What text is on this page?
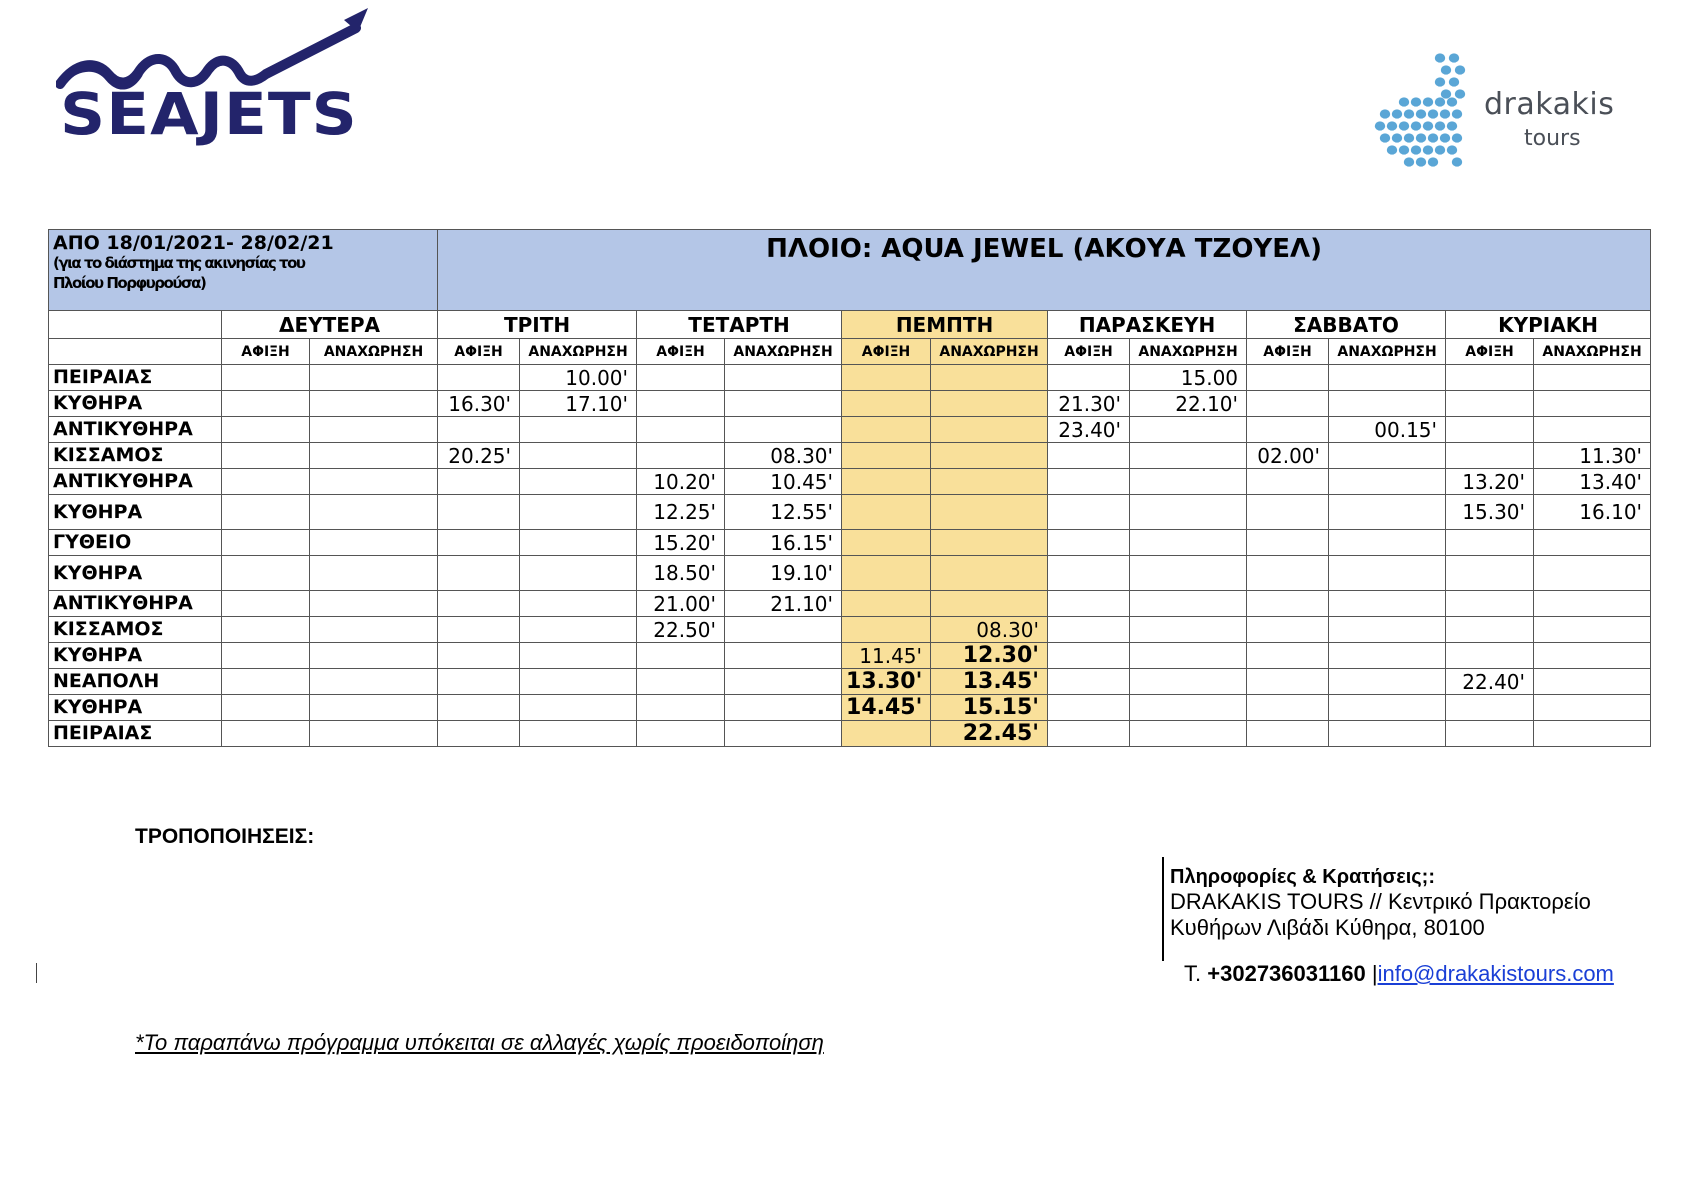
SEAJETS	drakakis
tours
ΑΠΟ 18/01/2021- 28/02/21
(για το διάστημα της ακινησίας του
Πλοίου Πορφυρούσα)			ΠΛΟΙΟ: AQUA JEWEL (ΑΚΟΥΑ ΤΖΟΥΕΛ)											
	ΔΕΥΤΕΡΑ		ΤΡΙΤΗ		ΤΕΤΑΡΤΗ		ΠΕΜΠΤΗ		ΠΑΡΑΣΚΕΥΗ		ΣΑΒΒΑΤΟ		ΚΥΡΙΑΚΗ	
	ΑΦΙΞΗ	ΑΝΑΧΩΡΗΣΗ	ΑΦΙΞΗ	ΑΝΑΧΩΡΗΣΗ	ΑΦΙΞΗ	ΑΝΑΧΩΡΗΣΗ	ΑΦΙΞΗ	ΑΝΑΧΩΡΗΣΗ	ΑΦΙΞΗ	ΑΝΑΧΩΡΗΣΗ	ΑΦΙΞΗ	ΑΝΑΧΩΡΗΣΗ	ΑΦΙΞΗ	ΑΝΑΧΩΡΗΣΗ
ΠΕΙΡΑΙΑΣ				10.00'						15.00				
ΚΥΘΗΡΑ			16.30'	17.10'					21.30'	22.10'				
ΑΝΤΙΚΥΘΗΡΑ									23.40'			00.15'		
ΚΙΣΣΑΜΟΣ			20.25'			08.30'					02.00'			11.30'
ΑΝΤΙΚΥΘΗΡΑ					10.20'	10.45'							13.20'	13.40'
ΚΥΘΗΡΑ					12.25'	12.55'							15.30'	16.10'
ΓΥΘΕΙΟ					15.20'	16.15'								
ΚΥΘΗΡΑ					18.50'	19.10'								
ΑΝΤΙΚΥΘΗΡΑ					21.00'	21.10'								
ΚΙΣΣΑΜΟΣ					22.50'			08.30'						
ΚΥΘΗΡΑ							11.45'	12.30'						
ΝΕΑΠΟΛΗ							13.30'	13.45'					22.40'	
ΚΥΘΗΡΑ							14.45'	15.15'						
ΠΕΙΡΑΙΑΣ								22.45'						
ΤΡΟΠΟΠΟΙΗΣΕΙΣ:
Πληροφορίες & Κρατήσεις;:
DRAKAKIS TOURS // Κεντρικό Πρακτορείο
Κυθήρων Λιβάδι Κύθηρα, 80100
Τ. +302736031160 |info@drakakistours.com
*Το παραπάνω πρόγραμμα υπόκειται σε αλλαγές χωρίς προειδοποίηση
